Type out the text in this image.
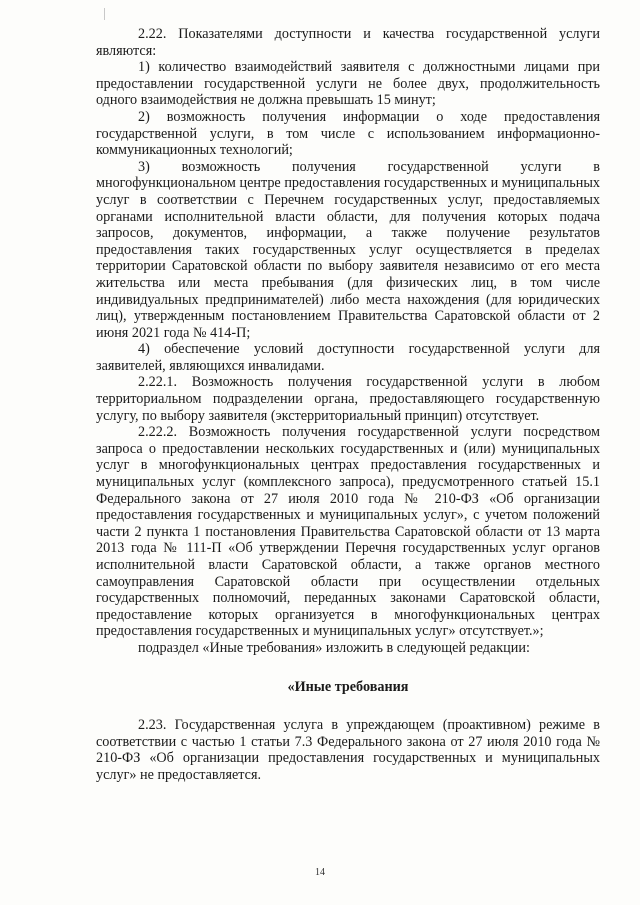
2.22. Показателями доступности и качества государственной услуги являются:

1) количество взаимодействий заявителя с должностными лицами при предоставлении государственной услуги не более двух, продолжительность одного взаимодействия не должна превышать 15 минут;

2) возможность получения информации о ходе предоставления государственной услуги, в том числе с использованием информационно-коммуникационных технологий;

3) возможность получения государственной услуги в многофункциональном центре предоставления государственных и муниципальных услуг в соответствии с Перечнем государственных услуг, предоставляемых органами исполнительной власти области, для получения которых подача запросов, документов, информации, а также получение результатов предоставления таких государственных услуг осуществляется в пределах территории Саратовской области по выбору заявителя независимо от его места жительства или места пребывания (для физических лиц, в том числе индивидуальных предпринимателей) либо места нахождения (для юридических лиц), утвержденным постановлением Правительства Саратовской области от 2 июня 2021 года № 414-П;

4) обеспечение условий доступности государственной услуги для заявителей, являющихся инвалидами.

2.22.1. Возможность получения государственной услуги в любом территориальном подразделении органа, предоставляющего государственную услугу, по выбору заявителя (экстерриториальный принцип) отсутствует.

2.22.2. Возможность получения государственной услуги посредством запроса о предоставлении нескольких государственных и (или) муниципальных услуг в многофункциональных центрах предоставления государственных и муниципальных услуг (комплексного запроса), предусмотренного статьей 15.1 Федерального закона от 27 июля 2010 года № 210-ФЗ «Об организации предоставления государственных и муниципальных услуг», с учетом положений части 2 пункта 1 постановления Правительства Саратовской области от 13 марта 2013 года № 111-П «Об утверждении Перечня государственных услуг органов исполнительной власти Саратовской области, а также органов местного самоуправления Саратовской области при осуществлении отдельных государственных полномочий, переданных законами Саратовской области, предоставление которых организуется в многофункциональных центрах предоставления государственных и муниципальных услуг» отсутствует.»;

подраздел «Иные требования» изложить в следующей редакции:

«Иные требования

2.23. Государственная услуга в упреждающем (проактивном) режиме в соответствии с частью 1 статьи 7.3 Федерального закона от 27 июля 2010 года № 210-ФЗ «Об организации предоставления государственных и муниципальных услуг» не предоставляется.

14
